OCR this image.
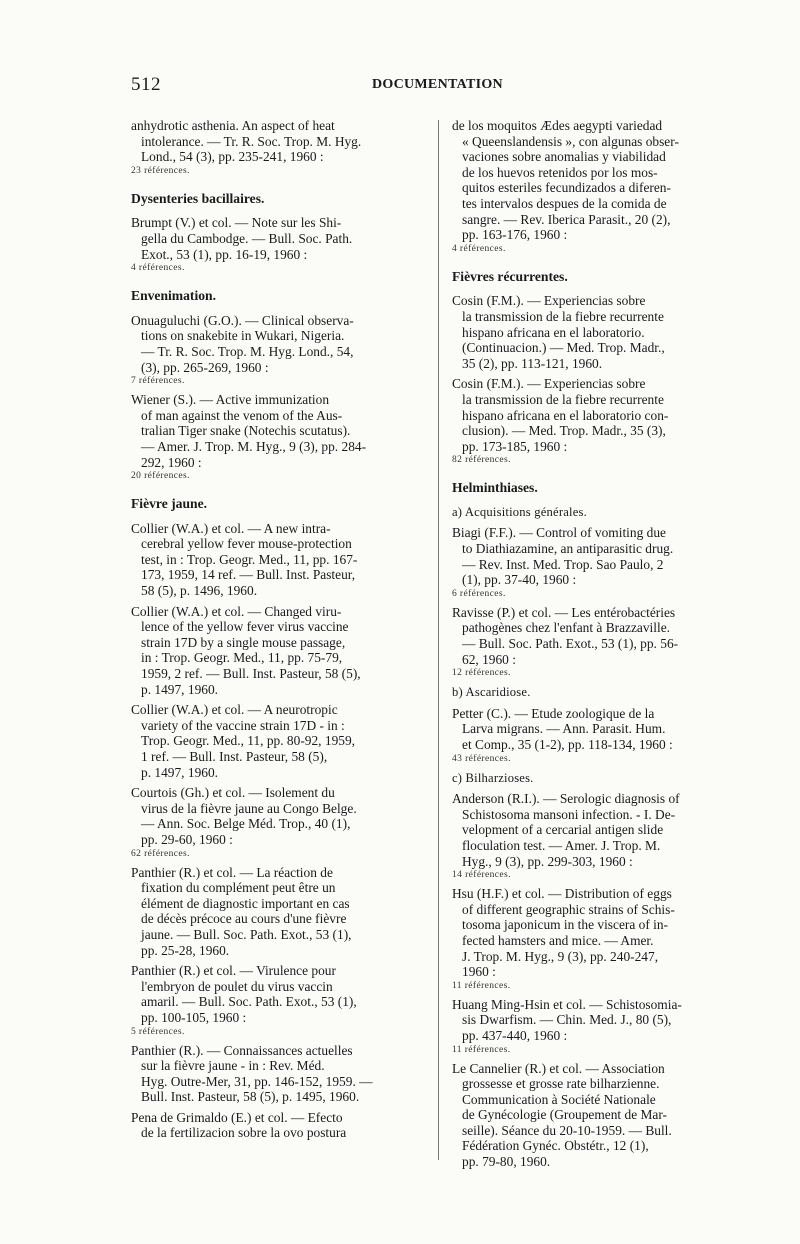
512	DOCUMENTATION
anhydrotic asthenia. An aspect of heat
intolerance. — Tr. R. Soc. Trop. M. Hyg.
Lond., 54 (3), pp. 235-241, 1960 :
23 références.
Dysenteries bacillaires.
Brumpt (V.) et col. — Note sur les Shi-
gella du Cambodge. — Bull. Soc. Path.
Exot., 53 (1), pp. 16-19, 1960 :
4 références.
Envenimation.
Onuaguluchi (G.O.). — Clinical observa-
tions on snakebite in Wukari, Nigeria.
— Tr. R. Soc. Trop. M. Hyg. Lond., 54,
(3), pp. 265-269, 1960 :
7 références.
Wiener (S.). — Active immunization
of man against the venom of the Aus-
tralian Tiger snake (Notechis scutatus).
— Amer. J. Trop. M. Hyg., 9 (3), pp. 284-
292, 1960 :
20 références.
Fièvre jaune.
Collier (W.A.) et col. — A new intra-
cerebral yellow fever mouse-protection
test, in : Trop. Geogr. Med., 11, pp. 167-
173, 1959, 14 ref. — Bull. Inst. Pasteur,
58 (5), p. 1496, 1960.
Collier (W.A.) et col. — Changed viru-
lence of the yellow fever virus vaccine
strain 17D by a single mouse passage,
in : Trop. Geogr. Med., 11, pp. 75-79,
1959, 2 ref. — Bull. Inst. Pasteur, 58 (5),
p. 1497, 1960.
Collier (W.A.) et col. — A neurotropic
variety of the vaccine strain 17D - in :
Trop. Geogr. Med., 11, pp. 80-92, 1959,
1 ref. — Bull. Inst. Pasteur, 58 (5),
p. 1497, 1960.
Courtois (Gh.) et col. — Isolement du
virus de la fièvre jaune au Congo Belge.
— Ann. Soc. Belge Méd. Trop., 40 (1),
pp. 29-60, 1960 :
62 références.
Panthier (R.) et col. — La réaction de
fixation du complément peut être un
élément de diagnostic important en cas
de décès précoce au cours d'une fièvre
jaune. — Bull. Soc. Path. Exot., 53 (1),
pp. 25-28, 1960.
Panthier (R.) et col. — Virulence pour
l'embryon de poulet du virus vaccin
amaril. — Bull. Soc. Path. Exot., 53 (1),
pp. 100-105, 1960 :
5 références.
Panthier (R.). — Connaissances actuelles
sur la fièvre jaune - in : Rev. Méd.
Hyg. Outre-Mer, 31, pp. 146-152, 1959. —
Bull. Inst. Pasteur, 58 (5), p. 1495, 1960.
Pena de Grimaldo (E.) et col. — Efecto
de la fertilizacion sobre la ovo postura
de los moquitos Ædes aegypti variedad
« Queenslandensis », con algunas obser-
vaciones sobre anomalias y viabilidad
de los huevos retenidos por los mos-
quitos esteriles fecundizados a diferen-
tes intervalos despues de la comida de
sangre. — Rev. Iberica Parasit., 20 (2),
pp. 163-176, 1960 :
4 références.
Fièvres récurrentes.
Cosin (F.M.). — Experiencias sobre
la transmission de la fiebre recurrente
hispano africana en el laboratorio.
(Continuacion.) — Med. Trop. Madr.,
35 (2), pp. 113-121, 1960.
Cosin (F.M.). — Experiencias sobre
la transmission de la fiebre recurrente
hispano africana en el laboratorio con-
clusion). — Med. Trop. Madr., 35 (3),
pp. 173-185, 1960 :
82 références.
Helminthiases.
a) Acquisitions générales.
Biagi (F.F.). — Control of vomiting due
to Diathiazamine, an antiparasitic drug.
— Rev. Inst. Med. Trop. Sao Paulo, 2
(1), pp. 37-40, 1960 :
6 références.
Ravisse (P.) et col. — Les entérobactéries
pathogènes chez l'enfant à Brazzaville.
— Bull. Soc. Path. Exot., 53 (1), pp. 56-
62, 1960 :
12 références.
b) Ascaridiose.
Petter (C.). — Etude zoologique de la
Larva migrans. — Ann. Parasit. Hum.
et Comp., 35 (1-2), pp. 118-134, 1960 :
43 références.
c) Bilharzioses.
Anderson (R.I.). — Serologic diagnosis of
Schistosoma mansoni infection. - I. De-
velopment of a cercarial antigen slide
floculation test. — Amer. J. Trop. M.
Hyg., 9 (3), pp. 299-303, 1960 :
14 références.
Hsu (H.F.) et col. — Distribution of eggs
of different geographic strains of Schis-
tosoma japonicum in the viscera of in-
fected hamsters and mice. — Amer.
J. Trop. M. Hyg., 9 (3), pp. 240-247,
1960 :
11 références.
Huang Ming-Hsin et col. — Schistosomia-
sis Dwarfism. — Chin. Med. J., 80 (5),
pp. 437-440, 1960 :
11 références.
Le Cannelier (R.) et col. — Association
grossesse et grosse rate bilharzienne.
Communication à Société Nationale
de Gynécologie (Groupement de Mar-
seille). Séance du 20-10-1959. — Bull.
Fédération Gynéc. Obstétr., 12 (1),
pp. 79-80, 1960.
